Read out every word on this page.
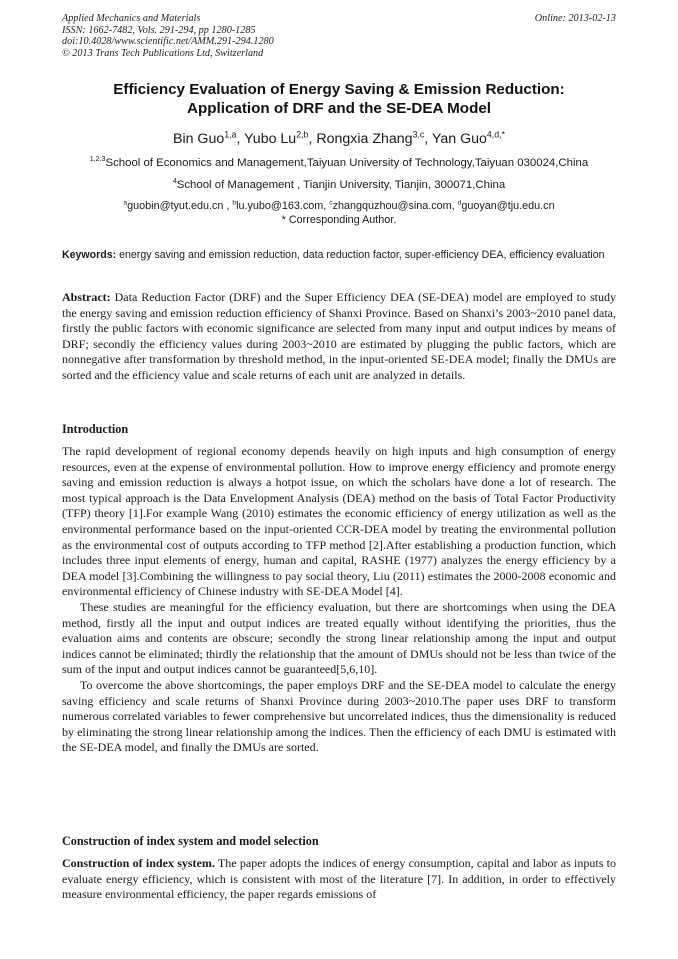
Applied Mechanics and Materials
ISSN: 1662-7482, Vols. 291-294, pp 1280-1285
doi:10.4028/www.scientific.net/AMM.291-294.1280
© 2013 Trans Tech Publications Ltd, Switzerland
Online: 2013-02-13
Efficiency Evaluation of Energy Saving & Emission Reduction:
Application of DRF and the SE-DEA Model
Bin Guo$^{1,a}$, Yubo Lu$^{2,b}$, Rongxia Zhang$^{3,c}$, Yan Guo$^{4,d,*}$
$^{1,2,3}$School of Economics and Management,Taiyuan University of Technology,Taiyuan 030024,China
$^4$School of Management , Tianjin University, Tianjin, 300071,China
$^a$guobin@tyut.edu.cn , $^b$lu.yubo@163.com, $^c$zhangquzhou@sina.com, $^d$guoyan@tju.edu.cn
* Corresponding Author.
Keywords: energy saving and emission reduction, data reduction factor, super-efficiency DEA, efficiency evaluation
Abstract: Data Reduction Factor (DRF) and the Super Efficiency DEA (SE-DEA) model are employed to study the energy saving and emission reduction efficiency of Shanxi Province. Based on Shanxi’s 2003~2010 panel data, firstly the public factors with economic significance are selected from many input and output indices by means of DRF; secondly the efficiency values during 2003~2010 are estimated by plugging the public factors, which are nonnegative after transformation by threshold method, in the input-oriented SE-DEA model; finally the DMUs are sorted and the efficiency value and scale returns of each unit are analyzed in details.
Introduction

The rapid development of regional economy depends heavily on high inputs and high consumption of energy resources, even at the expense of environmental pollution. How to improve energy efficiency and promote energy saving and emission reduction is always a hotpot issue, on which the scholars have done a lot of research. The most typical approach is the Data Envelopment Analysis (DEA) method on the basis of Total Factor Productivity (TFP) theory [1].For example Wang (2010) estimates the economic efficiency of energy utilization as well as the environmental performance based on the input-oriented CCR-DEA model by treating the environmental pollution as the environmental cost of outputs according to TFP method [2].After establishing a production function, which includes three input elements of energy, human and capital, RASHE (1977) analyzes the energy efficiency by a DEA model [3].Combining the willingness to pay social theory, Liu (2011) estimates the 2000-2008 economic and environmental efficiency of Chinese industry with SE-DEA Model [4].

These studies are meaningful for the efficiency evaluation, but there are shortcomings when using the DEA method, firstly all the input and output indices are treated equally without identifying the priorities, thus the evaluation aims and contents are obscure; secondly the strong linear relationship among the input and output indices cannot be eliminated; thirdly the relationship that the amount of DMUs should not be less than twice of the sum of the input and output indices cannot be guaranteed[5,6,10].

To overcome the above shortcomings, the paper employs DRF and the SE-DEA model to calculate the energy saving efficiency and scale returns of Shanxi Province during 2003~2010.The paper uses DRF to transform numerous correlated variables to fewer comprehensive but uncorrelated indices, thus the dimensionality is reduced by eliminating the strong linear relationship among the indices. Then the efficiency of each DMU is estimated with the SE-DEA model, and finally the DMUs are sorted.

Construction of index system and model selection

Construction of index system. The paper adopts the indices of energy consumption, capital and labor as inputs to evaluate energy efficiency, which is consistent with most of the literature [7]. In addition, in order to effectively measure environmental efficiency, the paper regards emissions of
